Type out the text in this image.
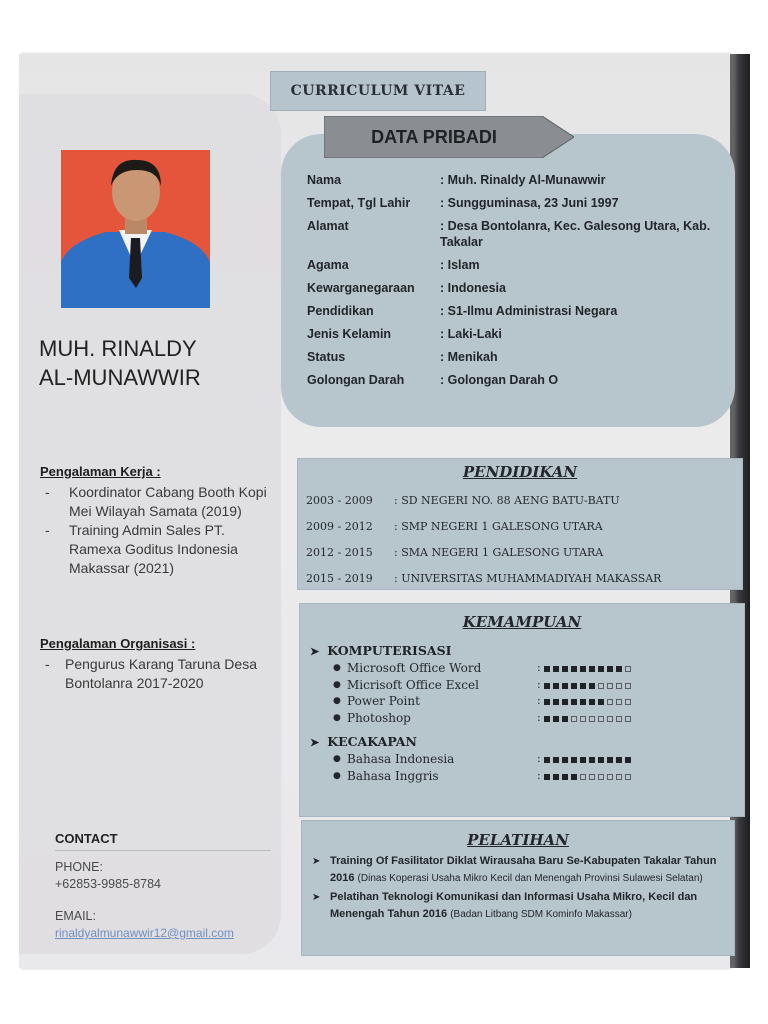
CURRICULUM VITAE
DATA PRIBADI
Nama	: Muh. Rinaldy Al-Munawwir
Tempat, Tgl Lahir	: Sungguminasa, 23 Juni 1997
Alamat	: Desa Bontolanra, Kec. Galesong Utara, Kab. Takalar
Agama	: Islam
Kewarganegaraan	: Indonesia
Pendidikan	: S1-Ilmu Administrasi Negara
Jenis Kelamin	: Laki-Laki
Status	: Menikah
Golongan Darah	: Golongan Darah O
MUH. RINALDY
AL-MUNAWWIR
Pengalaman Kerja :
- Koordinator Cabang Booth Kopi Mei Wilayah Samata (2019)
- Training Admin Sales PT. Ramexa Goditus Indonesia Makassar (2021)
Pengalaman Organisasi :
- Pengurus Karang Taruna Desa Bontolanra 2017-2020
CONTACT
PHONE:
+62853-9985-8784
EMAIL:
rinaldyalmunawwir12@gmail.com
PENDIDIKAN
2003 - 2009	: SD NEGERI NO. 88 AENG BATU-BATU
2009 - 2012	: SMP NEGERI 1 GALESONG UTARA
2012 - 2015	: SMA NEGERI 1 GALESONG UTARA
2015 - 2019	: UNIVERSITAS MUHAMMADIYAH MAKASSAR
KEMAMPUAN
➤ KOMPUTERISASI
● Microsoft Office Word	:
● Micrisoft Office Excel	:
● Power Point	:
● Photoshop	:
➤ KECAKAPAN
● Bahasa Indonesia	:
● Bahasa Inggris	:
PELATIHAN
➤ Training Of Fasilitator Diklat Wirausaha Baru Se-Kabupaten Takalar Tahun 2016 (Dinas Koperasi Usaha Mikro Kecil dan Menengah Provinsi Sulawesi Selatan)
➤ Pelatihan Teknologi Komunikasi dan Informasi Usaha Mikro, Kecil dan Menengah Tahun 2016 (Badan Litbang SDM Kominfo Makassar)
